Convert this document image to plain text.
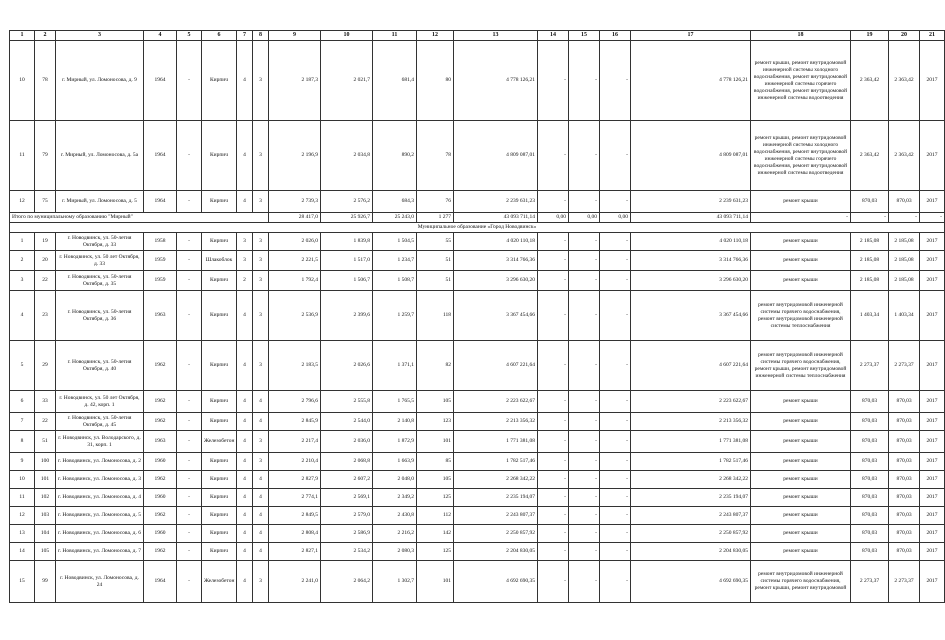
1	2	3	4	5	6	7	8	9	10	11	12	13	14	15	16	17	18	19	20	21
10	78	г. Мирный, ул. Ломоносова, д. 9	1964	-	Кирпич	4	3	2 187,3	2 021,7	681,4	80	4 778 126,21	-	-	-	4 778 126,21	ремонт крыши, ремонт внутридомовой инженерной системы холодного водоснабжения, ремонт внутридомовой инженерной системы горячего водоснабжения, ремонт внутридомовой инженерной системы водоотведения	2 363,42	2 363,42	2017
11	79	г. Мирный, ул. Ломоносова, д. 5а	1964	-	Кирпич	4	3	2 196,9	2 034,8	890,2	78	4 809 087,01	-	-	-	4 809 087,01	ремонт крыши, ремонт внутридомовой инженерной системы холодного водоснабжения, ремонт внутридомовой инженерной системы горячего водоснабжения, ремонт внутридомовой инженерной системы водоотведения	2 363,42	2 363,42	2017
12	75	г. Мирный, ул. Ломоносова, д. 5	1964	-	Кирпич	4	3	2 739,3	2 576,2	684,3	76	2 239 631,23	-	-	-	2 239 631,23	ремонт крыши	870,03	870,03	2017
Итого по муниципальному образованию "Мирный"								28 417,0	25 926,7	25 243,0	1 277	43 093 711,14	0,00	0,00	0,00	43 093 711,14	-	-	-	-
Муниципальное образование «Город Новодвинск»																				
1	19	г. Новодвинск, ул. 50-летия Октября, д. 33	1958	-	Кирпич	3	3	2 026,0	1 839,8	1 504,5	55	4 020 110,18	-	-	-	4 020 110,18	ремонт крыши	2 185,08	2 185,08	2017
2	20	г. Новодвинск, ул. 50 лет Октября, д. 33	1959	-	Шлакоблок	3	3	2 221,5	1 517,0	1 234,7	51	3 314 766,36	-	-	-	3 314 766,36	ремонт крыши	2 185,08	2 185,08	2017
3	22	г. Новодвинск, ул. 50-летия Октября, д. 35	1959	-	Кирпич	2	3	1 792,4	1 506,7	1 508,7	51	3 296 630,20	-	-	-	3 296 630,20	ремонт крыши	2 185,08	2 185,08	2017
4	23	г. Новодвинск, ул. 50-летия Октября, д. 36	1963	-	Кирпич	4	3	2 536,9	2 399,6	1 259,7	118	3 367 454,66	-	-	-	3 367 454,66	ремонт внутридомовой инженерной системы горячего водоснабжения, ремонт внутридомовой инженерной системы теплоснабжения	1 403,34	1 403,34	2017
5	29	г. Новодвинск, ул. 50-летия Октября, д. 40	1962	-	Кирпич	4	3	2 183,5	2 026,6	1 371,1	82	4 607 221,64	-	-	-	4 607 221,64	ремонт внутридомовой инженерной системы горячего водоснабжения, ремонт крыши, ремонт внутридомовой инженерной системы теплоснабжения	2 273,37	2 273,37	2017
6	33	г. Новодвинск, ул. 50 лет Октября, д. 42, корп. 1	1962	-	Кирпич	4	4	2 796,6	2 555,8	1 765,5	105	2 223 622,67	-	-	-	2 223 622,67	ремонт крыши	870,03	870,03	2017
7	22	г. Новодвинск, ул. 50-летия Октября, д. 45	1962	-	Кирпич	4	4	2 845,9	2 544,0	2 140,8	123	2 213 356,32	-	-	-	2 213 356,32	ремонт крыши	870,03	870,03	2017
8	51	г. Новодвинск, ул. Володарского, д. 31, корп. 1	1963	-	Железобетон	4	3	2 217,4	2 036,0	1 872,9	101	1 771 381,08	-	-	-	1 771 381,08	ремонт крыши	870,03	870,03	2017
9	100	г. Новодвинск, ул. Ломоносова, д. 2	1960	-	Кирпич	4	3	2 210,4	2 068,8	1 663,9	85	1 782 517,46	-	-	-	1 782 517,46	ремонт крыши	870,03	870,03	2017
10	101	г. Новодвинск, ул. Ломоносова, д. 3	1962	-	Кирпич	4	4	2 827,9	2 607,2	2 048,0	105	2 268 342,22	-	-	-	2 268 342,22	ремонт крыши	870,03	870,03	2017
11	102	г. Новодвинск, ул. Ломоносова, д. 4	1960	-	Кирпич	4	4	2 774,1	2 569,1	2 349,2	125	2 235 194,07	-	-	-	2 235 194,07	ремонт крыши	870,03	870,03	2017
12	103	г. Новодвинск, ул. Ломоносова, д. 5	1962	-	Кирпич	4	4	2 849,5	2 579,0	2 430,8	112	2 243 807,37	-	-	-	2 243 807,37	ремонт крыши	870,03	870,03	2017
13	104	г. Новодвинск, ул. Ломоносова, д. 6	1960	-	Кирпич	4	4	2 808,4	2 586,9	2 216,2	142	2 250 857,92	-	-	-	2 250 857,92	ремонт крыши	870,03	870,03	2017
14	105	г. Новодвинск, ул. Ломоносова, д. 7	1962	-	Кирпич	4	4	2 827,1	2 534,2	2 080,3	125	2 204 830,05	-	-	-	2 204 830,05	ремонт крыши	870,03	870,03	2017
15	99	г. Новодвинск, ул. Ломоносова, д. 24	1964	-	Железобетон	4	3	2 241,0	2 064,2	1 302,7	101	4 692 690,35	-	-	-	4 692 690,35	ремонт внутридомовой инженерной системы горячего водоснабжения, ремонт крыши, ремонт внутридомовой	2 273,37	2 273,37	2017
